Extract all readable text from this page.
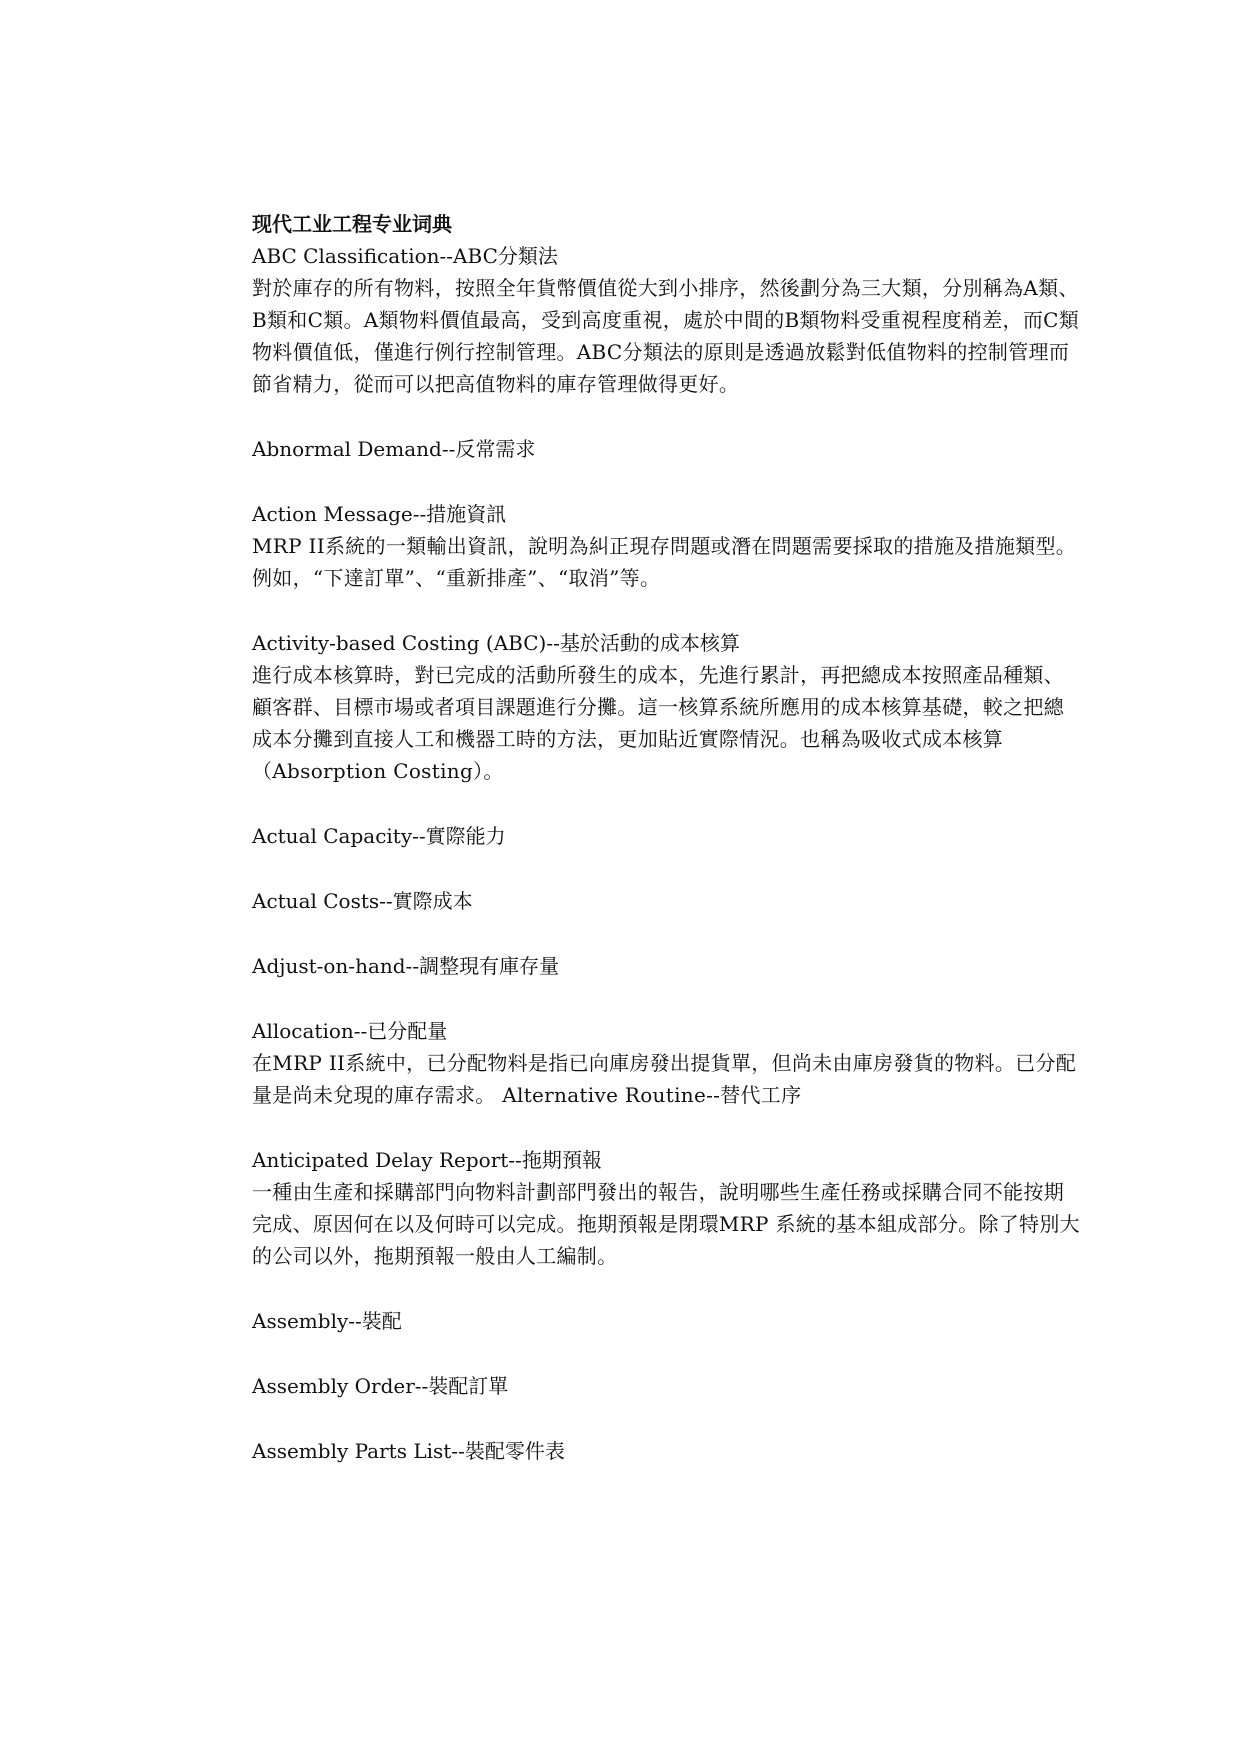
现代工业工程专业词典
ABC Classification--ABC分類法
對於庫存的所有物料，按照全年貨幣價值從大到小排序，然後劃分為三大類，分別稱為A類、B類和C類。A類物料價值最高，受到高度重視，處於中間的B類物料受重視程度稍差，而C類物料價值低，僅進行例行控制管理。ABC分類法的原則是透過放鬆對低值物料的控制管理而節省精力，從而可以把高值物料的庫存管理做得更好。
Abnormal Demand--反常需求
Action Message--措施資訊
MRP II系統的一類輸出資訊，說明為糾正現存問題或潛在問題需要採取的措施及措施類型。例如，“下達訂單”、“重新排產”、“取消”等。
Activity-based Costing (ABC)--基於活動的成本核算
進行成本核算時，對已完成的活動所發生的成本，先進行累計，再把總成本按照產品種類、顧客群、目標市場或者項目課題進行分攤。這一核算系統所應用的成本核算基礎，較之把總成本分攤到直接人工和機器工時的方法，更加貼近實際情況。也稱為吸收式成本核算（Absorption Costing）。
Actual Capacity--實際能力
Actual Costs--實際成本
Adjust-on-hand--調整現有庫存量
Allocation--已分配量
在MRP II系統中，已分配物料是指已向庫房發出提貨單，但尚未由庫房發貨的物料。已分配量是尚未兌現的庫存需求。 Alternative Routine--替代工序
Anticipated Delay Report--拖期預報
一種由生產和採購部門向物料計劃部門發出的報告，說明哪些生產任務或採購合同不能按期完成、原因何在以及何時可以完成。拖期預報是閉環MRP 系統的基本組成部分。除了特別大的公司以外，拖期預報一般由人工編制。
Assembly--裝配
Assembly Order--裝配訂單
Assembly Parts List--裝配零件表
